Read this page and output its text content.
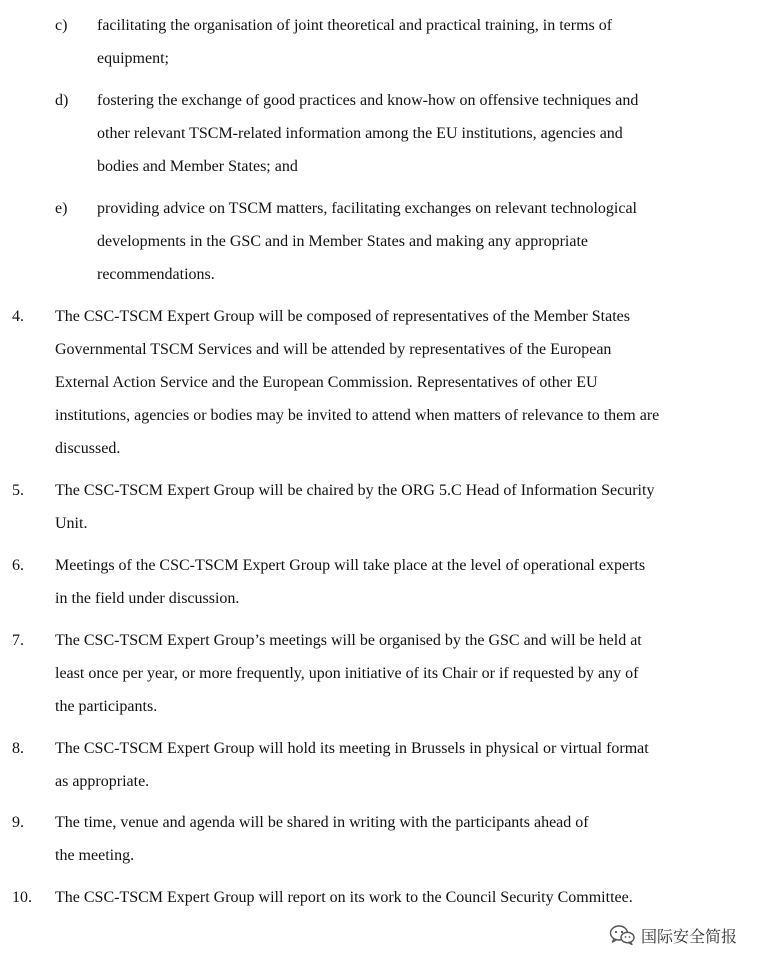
c) facilitating the organisation of joint theoretical and practical training, in terms of
equipment;
d) fostering the exchange of good practices and know-how on offensive techniques and
other relevant TSCM-related information among the EU institutions, agencies and
bodies and Member States; and
e) providing advice on TSCM matters, facilitating exchanges on relevant technological
developments in the GSC and in Member States and making any appropriate
recommendations.
4. The CSC-TSCM Expert Group will be composed of representatives of the Member States
Governmental TSCM Services and will be attended by representatives of the European
External Action Service and the European Commission. Representatives of other EU
institutions, agencies or bodies may be invited to attend when matters of relevance to them are
discussed.
5. The CSC-TSCM Expert Group will be chaired by the ORG 5.C Head of Information Security
Unit.
6. Meetings of the CSC-TSCM Expert Group will take place at the level of operational experts
in the field under discussion.
7. The CSC-TSCM Expert Group’s meetings will be organised by the GSC and will be held at
least once per year, or more frequently, upon initiative of its Chair or if requested by any of
the participants.
8. The CSC-TSCM Expert Group will hold its meeting in Brussels in physical or virtual format
as appropriate.
9. The time, venue and agenda will be shared in writing with the participants ahead of
the meeting.
10. The CSC-TSCM Expert Group will report on its work to the Council Security Committee.
国际安全简报
